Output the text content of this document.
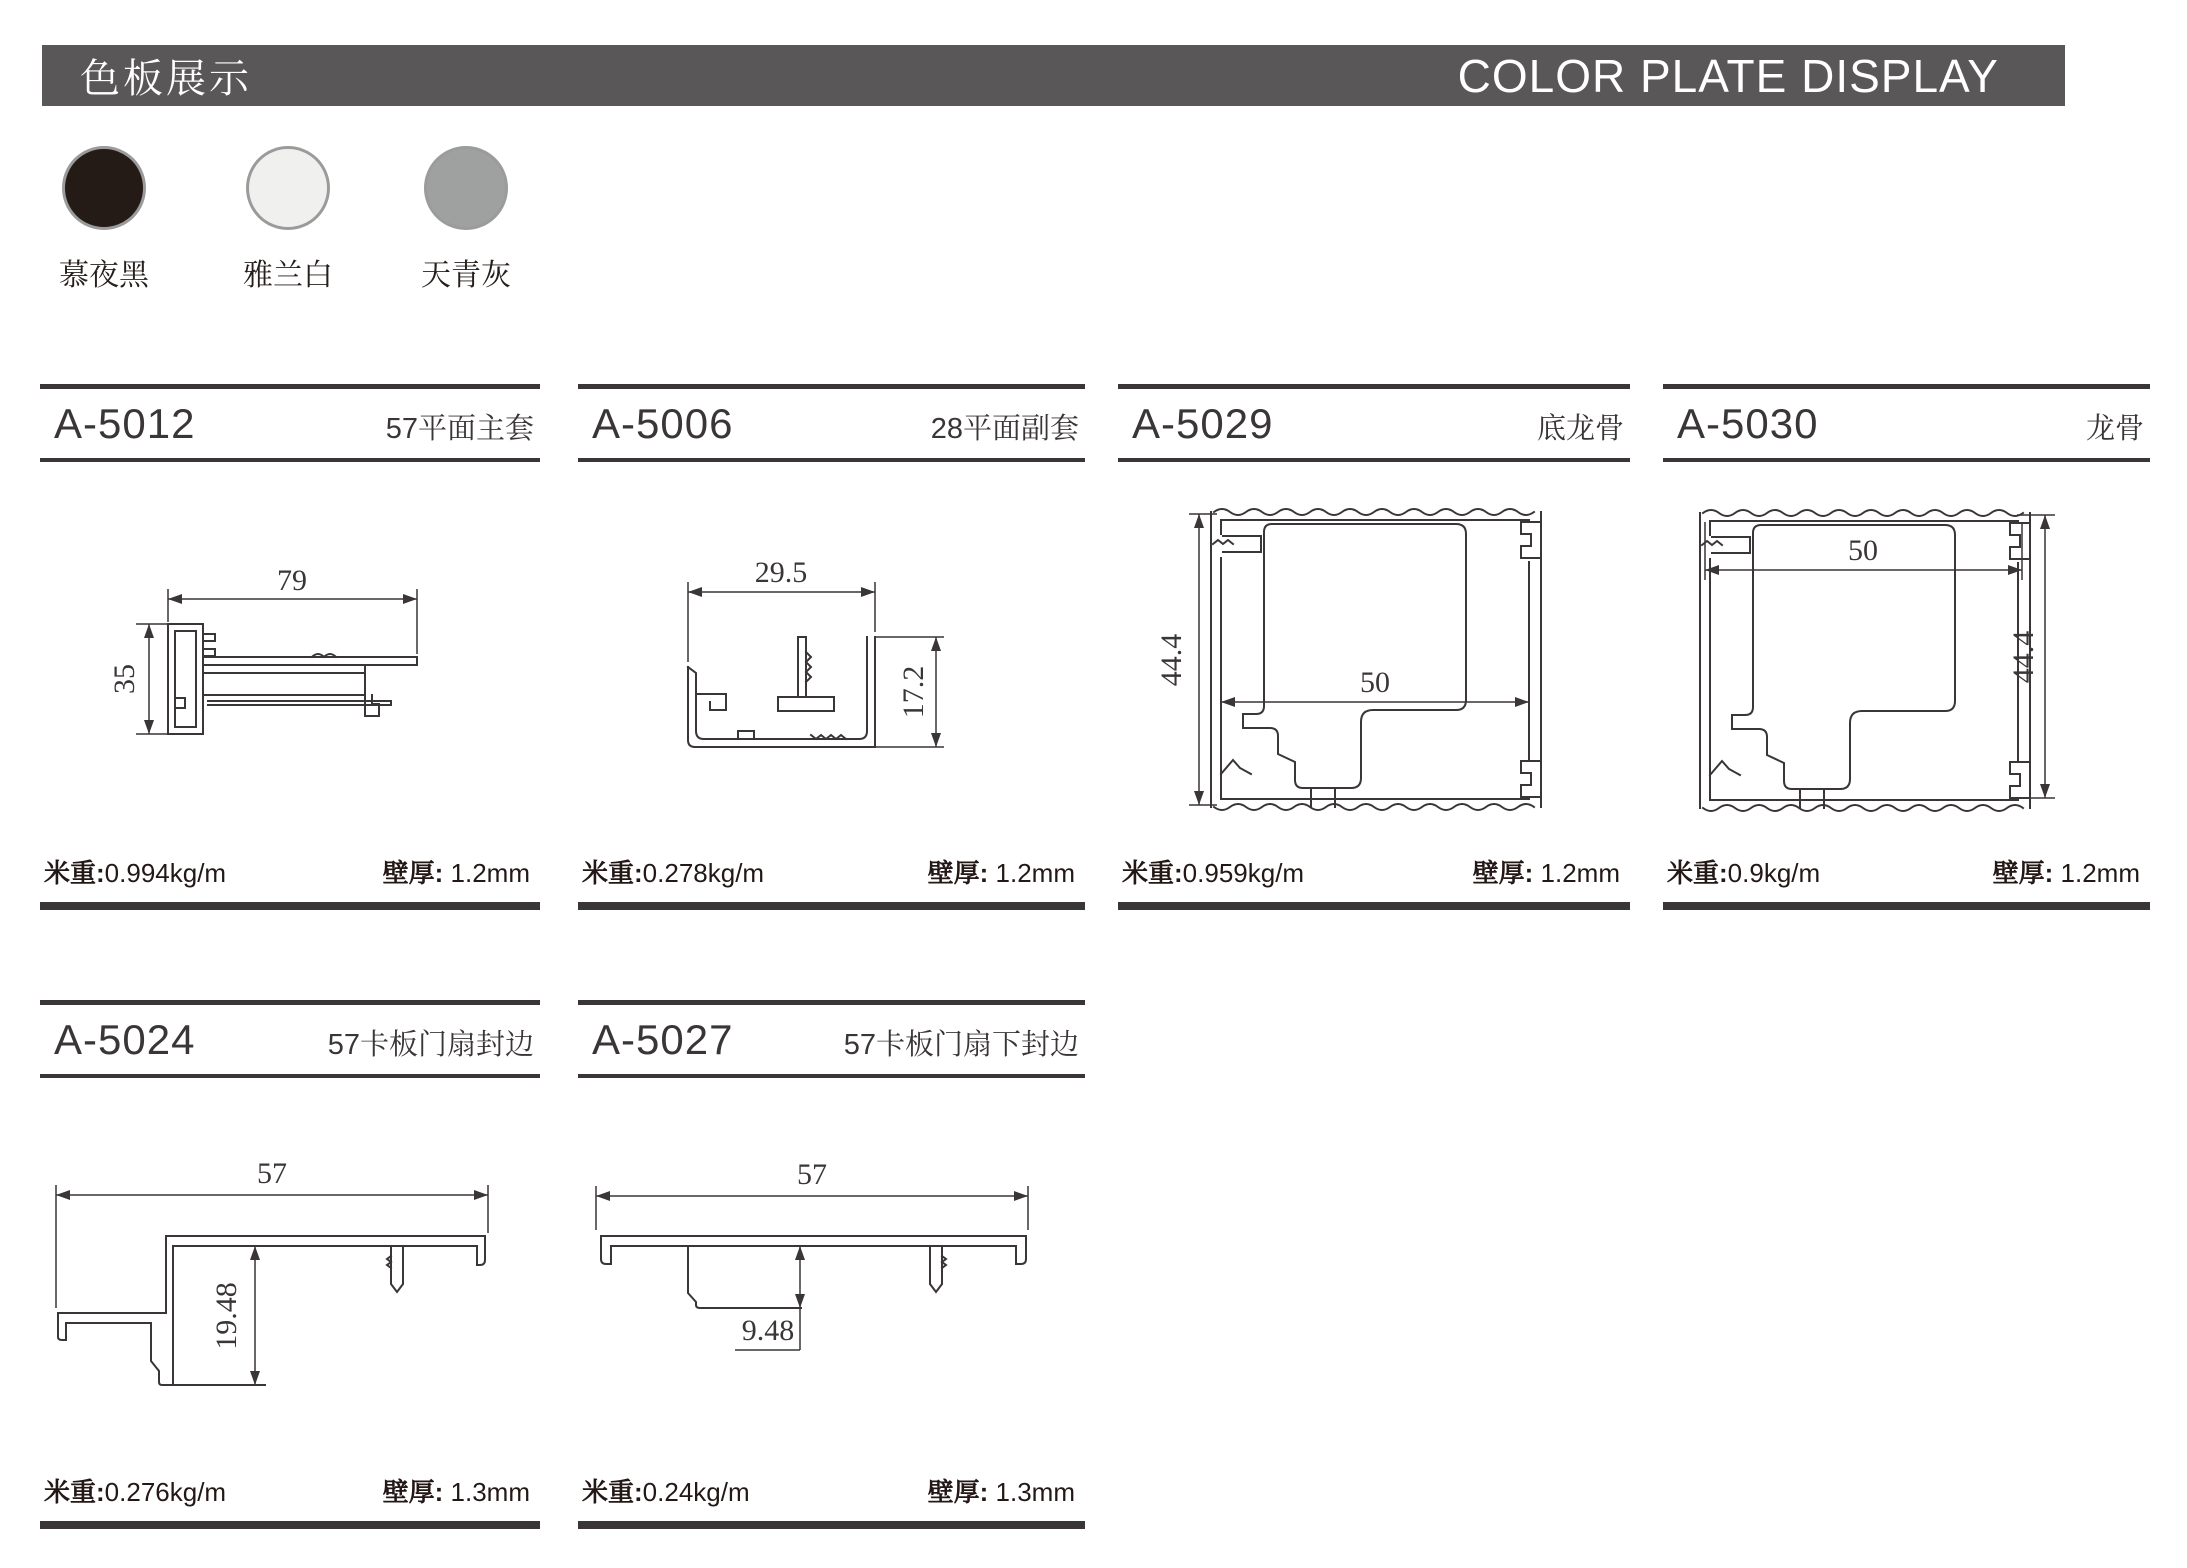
色板展示	COLOR PLATE DISPLAY
慕夜黑	雅兰白	天青灰
A-5012	57平面主套
79
35
米重:0.994kg/m	壁厚: 1.2mm
A-5006	28平面副套
29.5
17.2
米重:0.278kg/m	壁厚: 1.2mm
A-5029	底龙骨
44.4	50
米重:0.959kg/m	壁厚: 1.2mm
A-5030	龙骨
50
44.4
米重:0.9kg/m	壁厚: 1.2mm
A-5024	57卡板门扇封边
57
19.48
米重:0.276kg/m	壁厚: 1.3mm
A-5027	57卡板门扇下封边
57
9.48
米重:0.24kg/m	壁厚: 1.3mm
